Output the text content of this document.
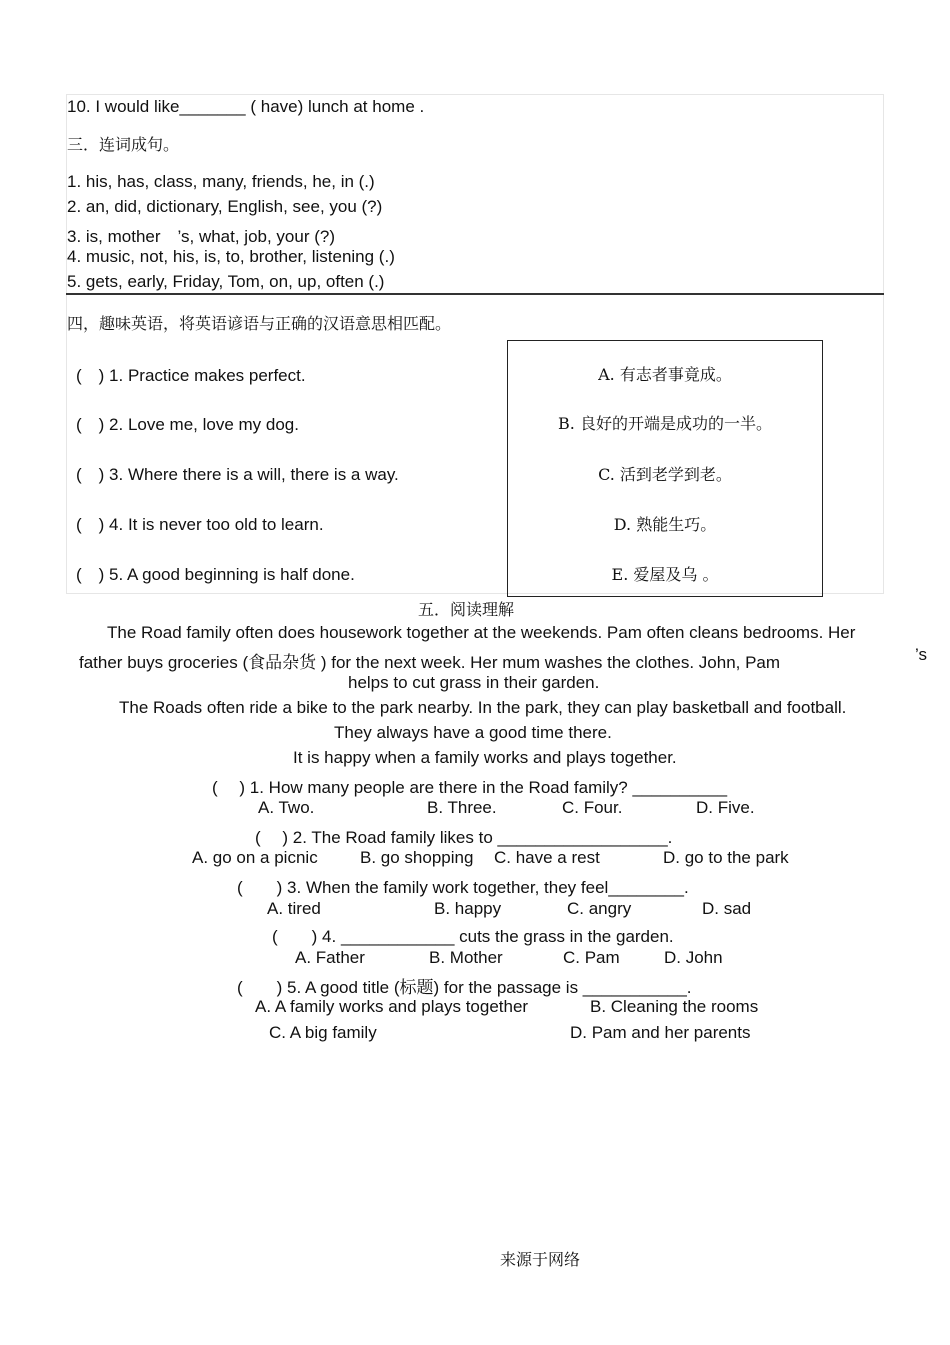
10. I would like_______ ( have) lunch at home .
三．连词成句。
1. his, has, class, many, friends, he, in (.)
2. an, did, dictionary, English, see, you (?)
3. is, mother　’s, what, job, your (?)
4. music, not, his, is, to, brother, listening (.)
5. gets, early, Friday, Tom, on, up, often (.)
四，趣味英语，将英语谚语与正确的汉语意思相匹配。
(　) 1. Practice makes perfect.
(　) 2. Love me, love my dog.
(　) 3. Where there is a will, there is a way.
(　) 4. It is never too old to learn.
(　) 5. A good beginning is half done.
A. 有志者事竟成。
B. 良好的开端是成功的一半。
C. 活到老学到老。
D. 熟能生巧。
E. 爱屋及乌 。
五．阅读理解
The Road family often does housework together at the weekends. Pam often cleans bedrooms. Her
father buys groceries (食品杂货 ) for the next week. Her mum washes the clothes. John, Pam	’s
helps to cut grass in their garden.
The Roads often ride a bike to the park nearby. In the park, they can play basketball and football.
They always have a good time there.
It is happy when a family works and plays together.
(　 ) 1. How many people are there in the Road family? __________
A. Two.	B. Three.	C. Four.	D. Five.
(　 ) 2. The Road family likes to __________________.
A. go on a picnic B. go shopping C. have a rest	D. go to the park
(　　) 3. When the family work together, they feel________.
A. tired	B. happy	C. angry	D. sad
(　　) 4. ____________ cuts the grass in the garden.
A. Father	B. Mother	C. Pam	D. John
(　　) 5. A good title (标题) for the passage is ___________.
A. A family works and plays together	B. Cleaning the rooms
C. A big family	D. Pam and her parents
来源于网络
